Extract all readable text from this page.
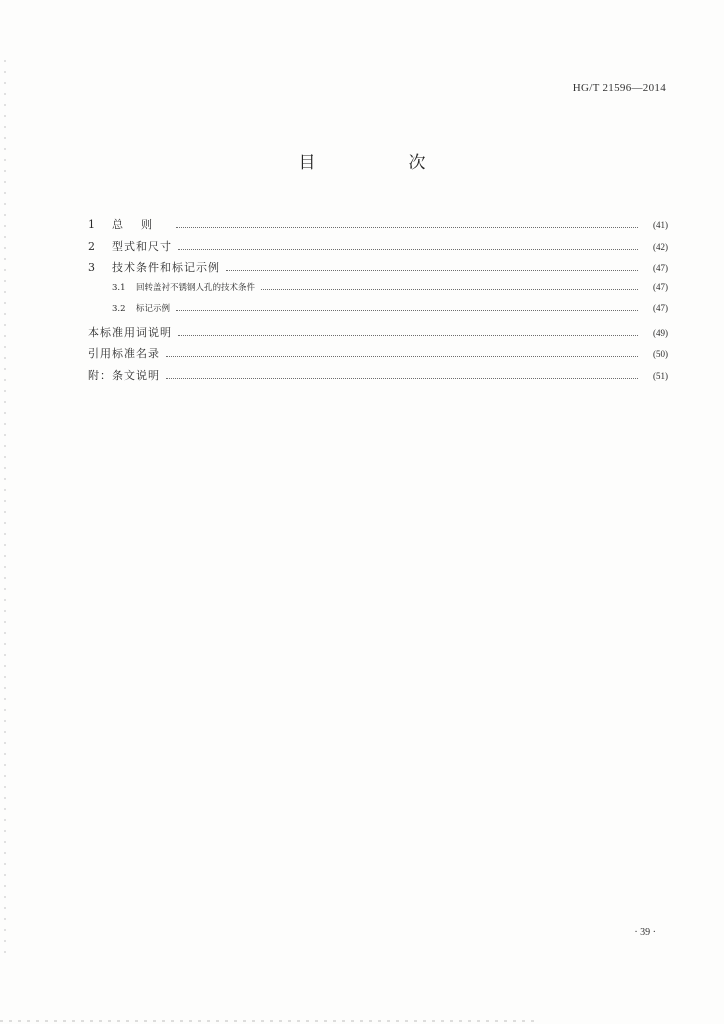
HG/T 21596—2014
目　次
1	总则	(41)
2	型式和尺寸	(42)
3	技术条件和标记示例	(47)
3.1	回转盖衬不锈钢人孔的技术条件	(47)
3.2	标记示例	(47)
本标准用词说明	(49)
引用标准名录	(50)
附：条文说明	(51)
· 39 ·
